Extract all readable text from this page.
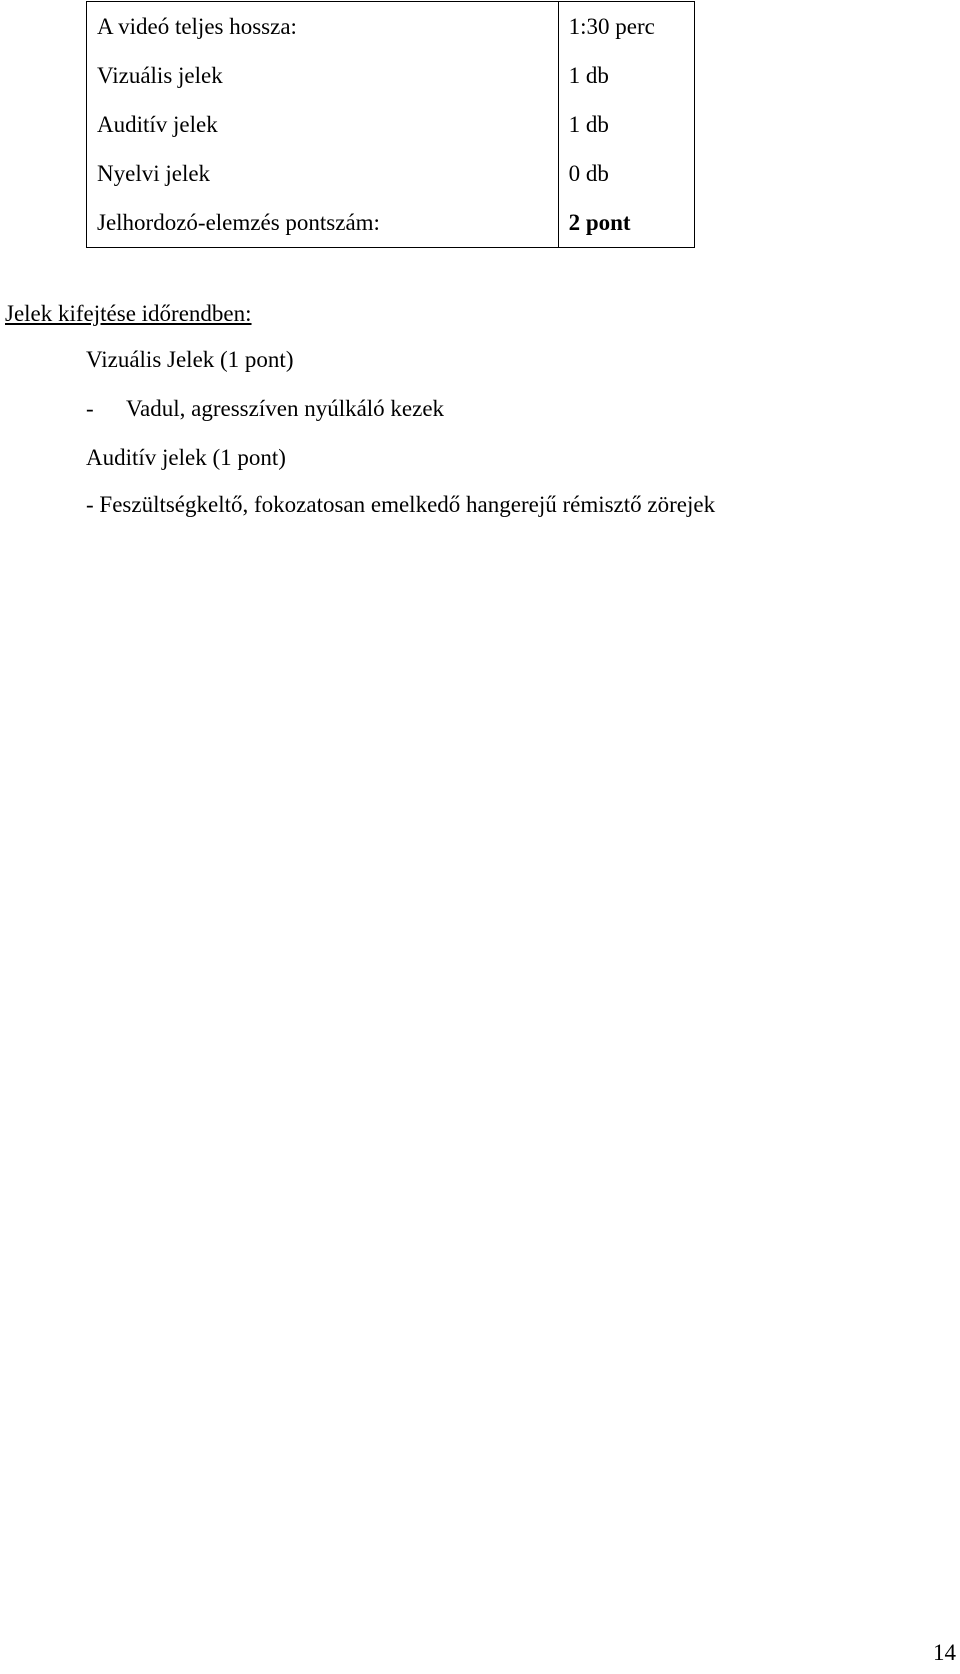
A videó teljes hossza:	1:30 perc
Vizuális jelek	1 db
Auditív jelek	1 db
Nyelvi jelek	0 db
Jelhordozó-elemzés pontszám:	2 pont
Jelek kifejtése időrendben:
Vizuális Jelek (1 pont)
- Vadul, agresszíven nyúlkáló kezek
Auditív jelek (1 pont)
- Feszültségkeltő, fokozatosan emelkedő hangerejű rémisztő zörejek
14
